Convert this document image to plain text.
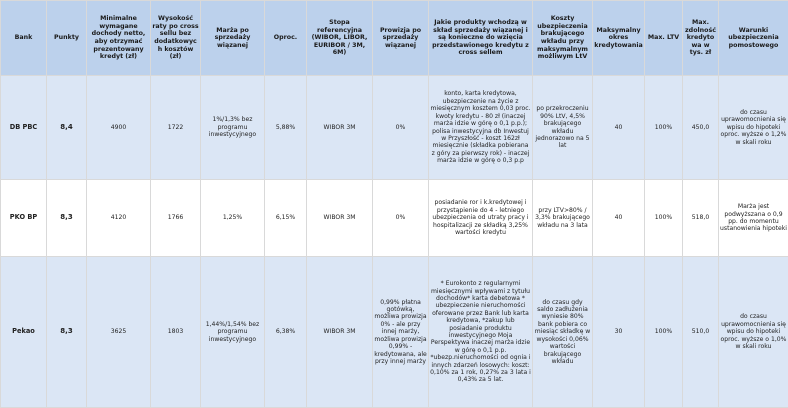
Bank	Punkty	Minimalne wymagane dochody netto, aby otrzymać prezentowany kredyt (zł)	Wysokość raty po cross sellu bez dodatkowych kosztów (zł)	Marża po sprzedaży wiązanej	Oproc.	Stopa referencyjna (WIBOR, LIBOR, EURIBOR / 3M, 6M)	Prowizja po sprzedaży wiązanej	Jakie produkty wchodzą w skład sprzedaży wiązanej i są konieczne do wzięcia przedstawionego kredytu z cross sellem	Koszty ubezpieczenia brakującego wkładu przy maksymalnym możliwym LtV	Maksymalny okres kredytowania	Max. LTV	Max. zdolność kredytowa w tys. zł	Warunki ubezpieczenia pomostowego
DB PBC	8,4	4900	1722	1%/1,3% bez programu inwestycyjnego	5,88%	WIBOR 3M	0%	konto, karta kredytowa, ubezpieczenie na życie z miesięcznym kosztem 0,03 proc. kwoty kredytu - 80 zł (inaczej marża idzie w górę o 0,1 p.p.); polisa inwestycyjna db Inwestuj w Przyszłość - koszt 162zł miesięcznie (składka pobierana z góry za pierwszy rok) - inaczej marża idzie w górę o 0,3 p.p	po przekroczeniu 90% LtV, 4,5% brakującego wkładu jednorazowo na 5 lat	40	100%	450,0	do czasu uprawomocnienia się wpisu do hipoteki oproc. wyższe o 1,2% w skali roku
PKO BP	8,3	4120	1766	1,25%	6,15%	WIBOR 3M	0%	posiadanie ror i k.kredytowej i przystąpienie do 4 - letniego ubezpieczenia od utraty pracy i hospitalizacji ze składką 3,25% wartości kredytu	przy LTV>80% / 3,3% brakującego wkładu na 3 lata	40	100%	518,0	Marża jest podwyższana o 0,9 pp. do momentu ustanowienia hipoteki
Pekao	8,3	3625	1803	1,44%/1,54% bez programu inwestycyjnego	6,38%	WIBOR 3M	0,99% płatna gotówką, możliwa prowizja 0% - ale przy innej marży, możliwa prowizja 0,99% - kredytowana, ale przy innej marży	* Eurokonto z regularnymi miesięcznymi wpływami z tytułu dochodów* karta debetowa * ubezpieczenie nieruchomości oferowane przez Bank lub karta kredytowa, *zakup lub posiadanie produktu inwestycyjnego Moja Perspektywa inaczej marża idzie w górę o 0,1 p.p. *ubezp.nieruchomości od ognia i innych zdarzeń losowych: koszt: 0,10% za 1 rok, 0,27% za 3 lata i 0,43% za 5 lat.	do czasu gdy saldo zadłużenia wyniesie 80% bank pobiera co miesiąc składkę w wysokości 0,06% wartości brakującego wkładu	30	100%	510,0	do czasu uprawomocnienia się wpisu do hipoteki oproc. wyższe o 1,0% w skali roku
